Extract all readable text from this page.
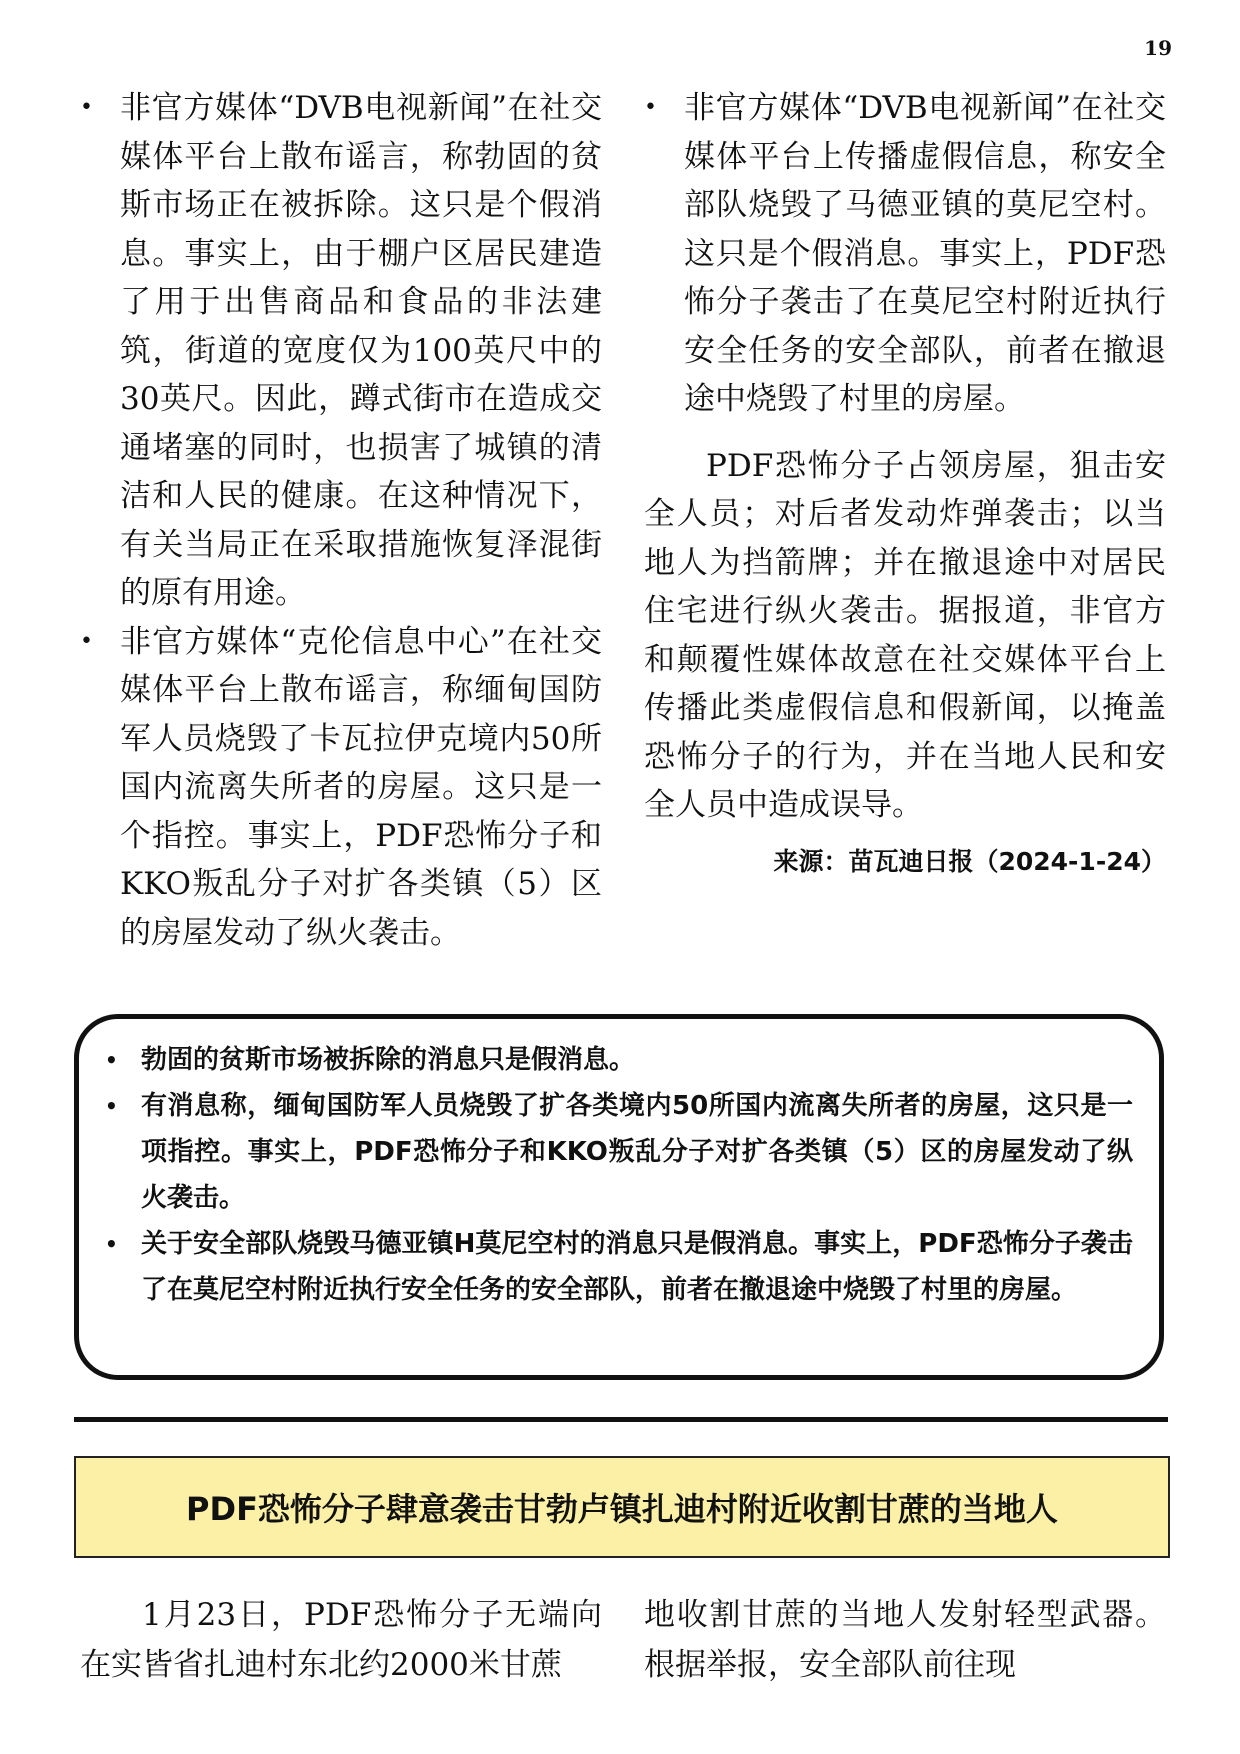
19
• 非官方媒体“DVB电视新闻”在社交媒体平台上散布谣言，称勃固的贫斯市场正在被拆除。这只是个假消息。事实上，由于棚户区居民建造了用于出售商品和食品的非法建筑，街道的宽度仅为100英尺中的30英尺。因此，蹲式街市在造成交通堵塞的同时，也损害了城镇的清洁和人民的健康。在这种情况下，有关当局正在采取措施恢复泽混街的原有用途。
• 非官方媒体“克伦信息中心”在社交媒体平台上散布谣言，称缅甸国防军人员烧毁了卡瓦拉伊克境内50所国内流离失所者的房屋。这只是一个指控。事实上，PDF恐怖分子和KKO叛乱分子对扩各类镇（5）区的房屋发动了纵火袭击。
• 非官方媒体“DVB电视新闻”在社交媒体平台上传播虚假信息，称安全部队烧毁了马德亚镇的莫尼空村。这只是个假消息。事实上，PDF恐怖分子袭击了在莫尼空村附近执行安全任务的安全部队，前者在撤退途中烧毁了村里的房屋。

PDF恐怖分子占领房屋，狙击安全人员；对后者发动炸弹袭击；以当地人为挡箭牌；并在撤退途中对居民住宅进行纵火袭击。据报道，非官方和颠覆性媒体故意在社交媒体平台上传播此类虚假信息和假新闻，以掩盖恐怖分子的行为，并在当地人民和安全人员中造成误导。

来源：苗瓦迪日报（2024-1-24）
• 勃固的贫斯市场被拆除的消息只是假消息。
• 有消息称，缅甸国防军人员烧毁了扩各类境内50所国内流离失所者的房屋，这只是一项指控。事实上，PDF恐怖分子和KKO叛乱分子对扩各类镇（5）区的房屋发动了纵火袭击。
• 关于安全部队烧毁马德亚镇H莫尼空村的消息只是假消息。事实上，PDF恐怖分子袭击了在莫尼空村附近执行安全任务的安全部队，前者在撤退途中烧毁了村里的房屋。
PDF恐怖分子肆意袭击甘勃卢镇扎迪村附近收割甘蔗的当地人
1月23日，PDF恐怖分子无端向在实皆省扎迪村东北约2000米甘蔗
地收割甘蔗的当地人发射轻型武器。根据举报，安全部队前往现
